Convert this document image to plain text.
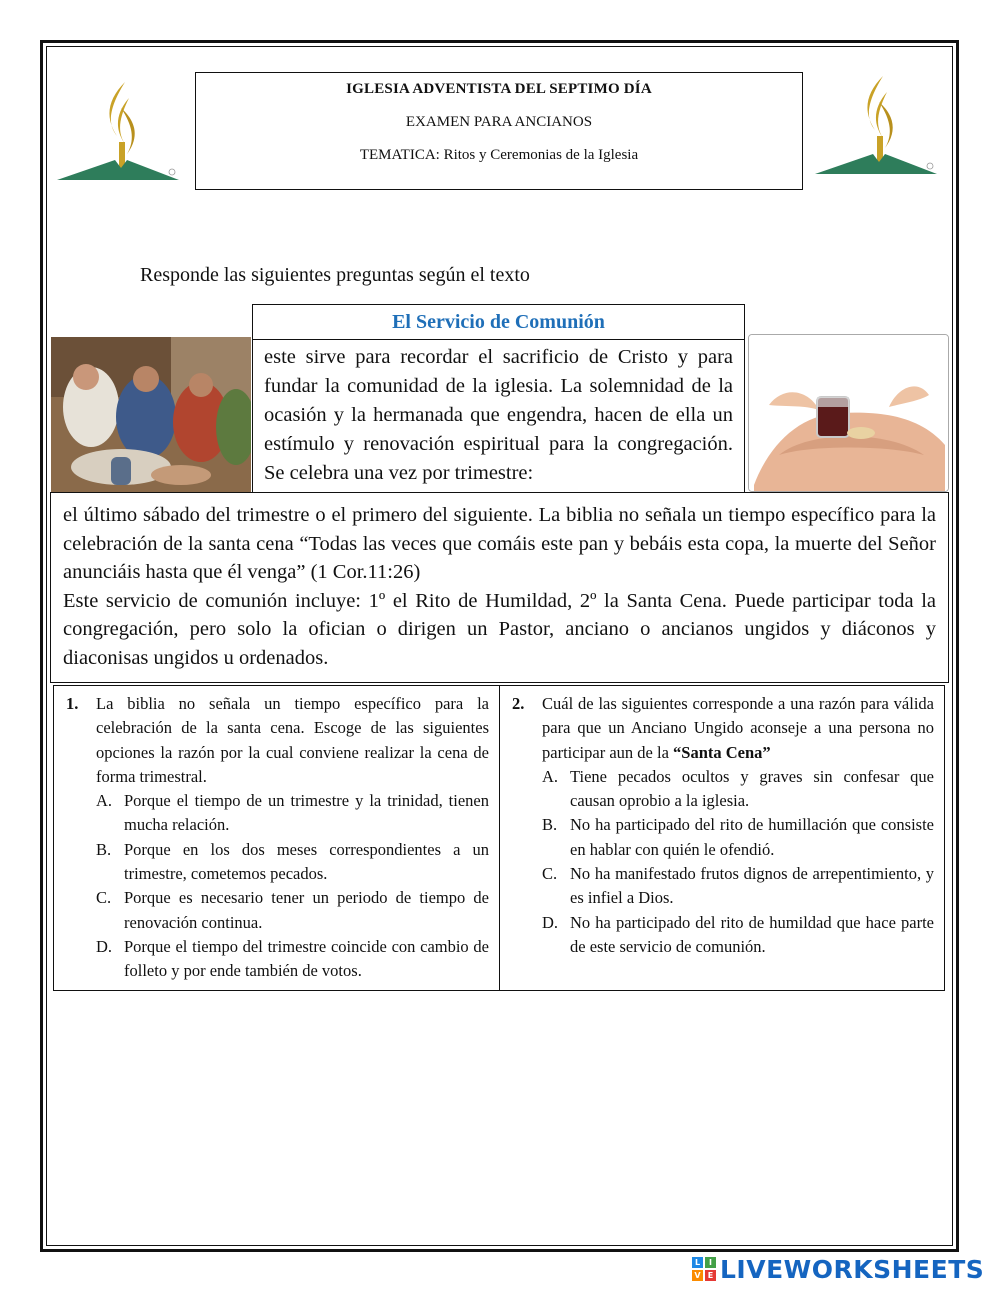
IGLESIA ADVENTISTA DEL SEPTIMO DÍA
EXAMEN PARA ANCIANOS
TEMATICA: Ritos y Ceremonias de la Iglesia
Responde las siguientes preguntas según el texto
El Servicio de Comunión
este sirve para recordar el sacrificio de Cristo y para fundar la comunidad de la iglesia. La solemnidad de la ocasión y la hermanada que engendra, hacen de ella un estímulo y renovación espiritual para la congregación. Se celebra una vez por trimestre:

el último sábado del trimestre o el primero del siguiente. La biblia no señala un tiempo específico para la celebración de la santa cena “Todas las veces que comáis este pan y bebáis esta copa, la muerte del Señor anunciáis hasta que él venga” (1 Cor.11:26)

Este servicio de comunión incluye: 1º el Rito de Humildad, 2º la Santa Cena. Puede participar toda la congregación, pero solo la ofician o dirigen un Pastor, anciano o ancianos ungidos y diáconos y diaconisas ungidos u ordenados.

1.	La biblia no señala un tiempo específico para la celebración de la santa cena. Escoge de las siguientes opciones la razón por la cual conviene realizar la cena de forma trimestral.
A. Porque el tiempo de un trimestre y la trinidad, tienen mucha relación.
B. Porque en los dos meses correspondientes a un trimestre, cometemos pecados.
C. Porque es necesario tener un periodo de tiempo de renovación continua.
D. Porque el tiempo del trimestre coincide con cambio de folleto y por ende también de votos.
2.	Cuál de las siguientes corresponde a una razón para válida para que un Anciano Ungido aconseje a una persona no participar aun de la “Santa Cena”
A. Tiene pecados ocultos y graves sin confesar que causan oprobio a la iglesia.
B. No ha participado del rito de humillación que consiste en hablar con quién le ofendió.
C. No ha manifestado frutos dignos de arrepentimiento, y es infiel a Dios.
D. No ha participado del rito de humildad que hace parte de este servicio de comunión.
L	I
V E LIVEWORKSHEETS
